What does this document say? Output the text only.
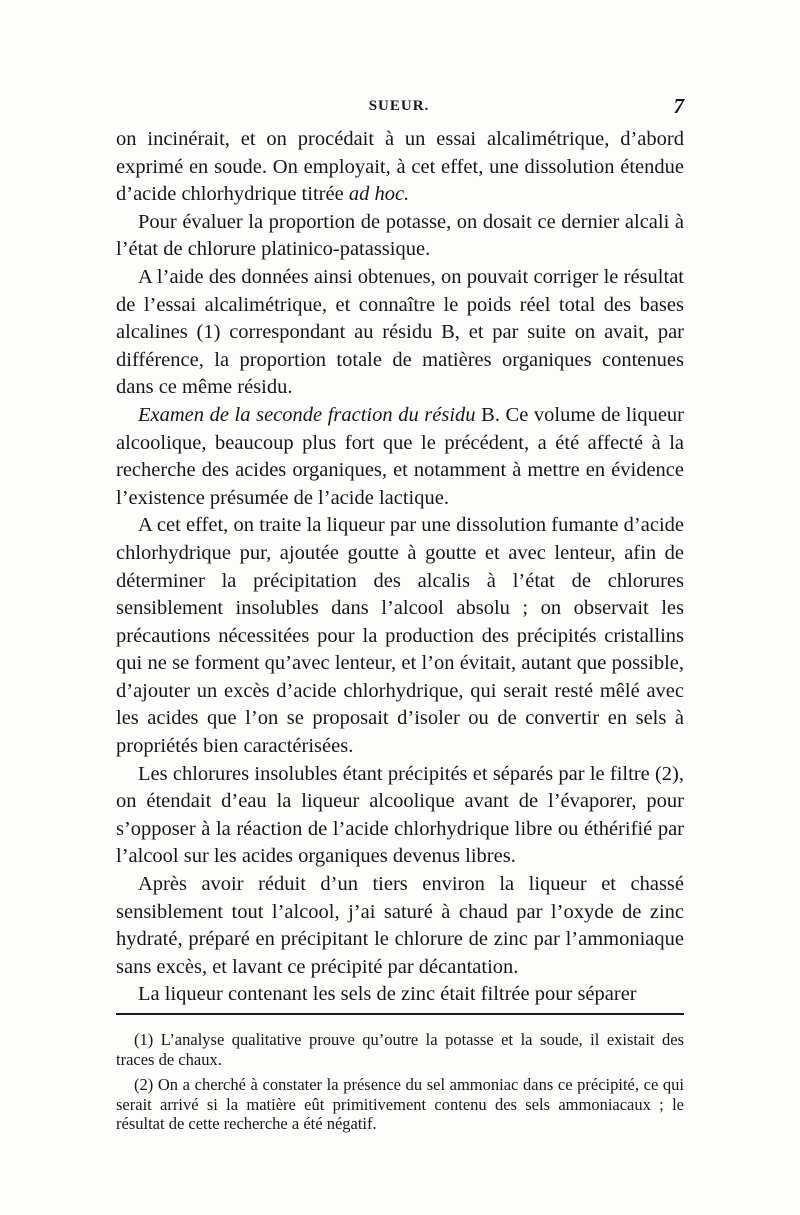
SUEUR.	7

on incinérait, et on procédait à un essai alcalimétrique, d’abord exprimé en soude. On employait, à cet effet, une dissolution étendue d’acide chlorhydrique titrée ad hoc.

Pour évaluer la proportion de potasse, on dosait ce dernier alcali à l’état de chlorure platinico-patassique.

A l’aide des données ainsi obtenues, on pouvait corriger le résultat de l’essai alcalimétrique, et connaître le poids réel total des bases alcalines (1) correspondant au résidu B, et par suite on avait, par différence, la proportion totale de matières organiques contenues dans ce même résidu.

Examen de la seconde fraction du résidu B. Ce volume de liqueur alcoolique, beaucoup plus fort que le précédent, a été affecté à la recherche des acides organiques, et notamment à mettre en évidence l’existence présumée de l’acide lactique.

A cet effet, on traite la liqueur par une dissolution fumante d’acide chlorhydrique pur, ajoutée goutte à goutte et avec lenteur, afin de déterminer la précipitation des alcalis à l’état de chlorures sensiblement insolubles dans l’alcool absolu ; on observait les précautions nécessitées pour la production des précipités cristallins qui ne se forment qu’avec lenteur, et l’on évitait, autant que possible, d’ajouter un excès d’acide chlorhydrique, qui serait resté mêlé avec les acides que l’on se proposait d’isoler ou de convertir en sels à propriétés bien caractérisées.

Les chlorures insolubles étant précipités et séparés par le filtre (2), on étendait d’eau la liqueur alcoolique avant de l’évaporer, pour s’opposer à la réaction de l’acide chlorhydrique libre ou éthérifié par l’alcool sur les acides organiques devenus libres.

Après avoir réduit d’un tiers environ la liqueur et chassé sensiblement tout l’alcool, j’ai saturé à chaud par l’oxyde de zinc hydraté, préparé en précipitant le chlorure de zinc par l’ammoniaque sans excès, et lavant ce précipité par décantation.

La liqueur contenant les sels de zinc était filtrée pour séparer

(1) L’analyse qualitative prouve qu’outre la potasse et la soude, il existait des traces de chaux.

(2) On a cherché à constater la présence du sel ammoniac dans ce précipité, ce qui serait arrivé si la matière eût primitivement contenu des sels ammoniacaux ; le résultat de cette recherche a été négatif.
